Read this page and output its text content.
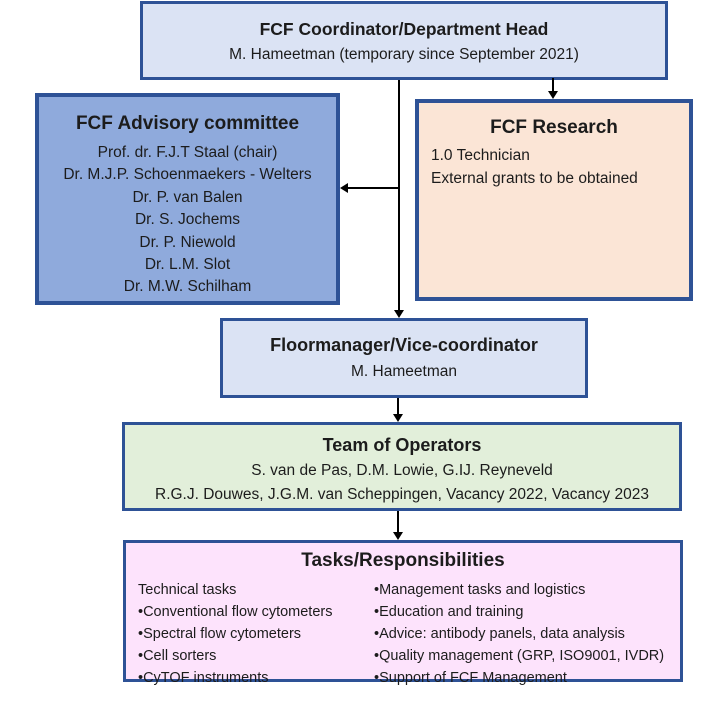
FCF Coordinator/Department Head
M. Hameetman (temporary since September 2021)
FCF Advisory committee
Prof. dr. F.J.T Staal (chair)
Dr. M.J.P. Schoenmaekers - Welters
Dr. P. van Balen
Dr. S. Jochems
Dr. P. Niewold
Dr. L.M. Slot
Dr. M.W. Schilham
FCF Research
1.0 Technician
External grants to be obtained
Floormanager/Vice-coordinator
M. Hameetman
Team of Operators
S. van de Pas, D.M. Lowie, G.IJ. Reyneveld
R.G.J. Douwes, J.G.M. van Scheppingen, Vacancy 2022, Vacancy 2023
Tasks/Responsibilities
Technical tasks
• Conventional flow cytometers
• Spectral flow cytometers
• Cell sorters
• CyTOF instruments
• Management tasks and logistics
• Education and training
• Advice: antibody panels, data analysis
• Quality management (GRP, ISO9001, IVDR)
• Support of FCF Management
